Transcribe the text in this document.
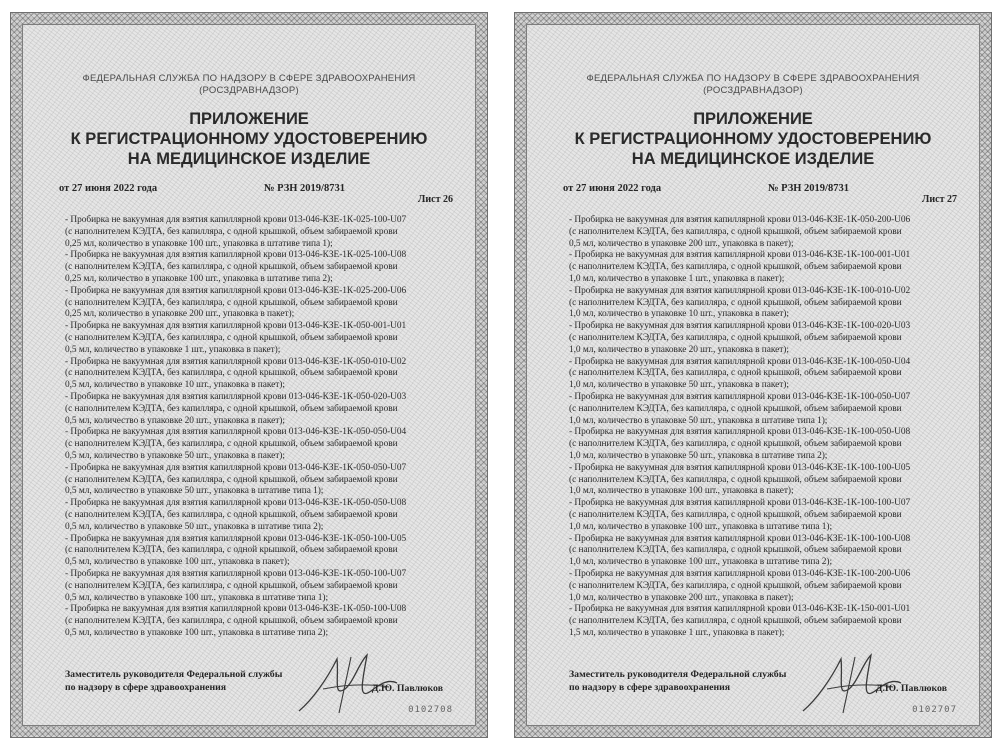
ФЕДЕРАЛЬНАЯ СЛУЖБА ПО НАДЗОРУ В СФЕРЕ ЗДРАВООХРАНЕНИЯ
(РОСЗДРАВНАДЗОР)
ПРИЛОЖЕНИЕ
К РЕГИСТРАЦИОННОМУ УДОСТОВЕРЕНИЮ
НА МЕДИЦИНСКОЕ ИЗДЕЛИЕ
от 27 июня 2022 года	№ РЗН 2019/8731
Лист 26
- Пробирка не вакуумная для взятия капиллярной крови 013-046-КЗЕ-1К-025-100-U07
(с наполнителем КЭДТА, без капилляра, с одной крышкой, объем забираемой крови
0,25 мл, количество в упаковке 100 шт., упаковка в штативе типа 1);
- Пробирка не вакуумная для взятия капиллярной крови 013-046-КЗЕ-1К-025-100-U08
(с наполнителем КЭДТА, без капилляра, с одной крышкой, объем забираемой крови
0,25 мл, количество в упаковке 100 шт., упаковка в штативе типа 2);
- Пробирка не вакуумная для взятия капиллярной крови 013-046-КЗЕ-1К-025-200-U06
(с наполнителем КЭДТА, без капилляра, с одной крышкой, объем забираемой крови
0,25 мл, количество в упаковке 200 шт., упаковка в пакет);
- Пробирка не вакуумная для взятия капиллярной крови 013-046-КЗЕ-1К-050-001-U01
(с наполнителем КЭДТА, без капилляра, с одной крышкой, объем забираемой крови
0,5 мл, количество в упаковке 1 шт., упаковка в пакет);
- Пробирка не вакуумная для взятия капиллярной крови 013-046-КЗЕ-1К-050-010-U02
(с наполнителем КЭДТА, без капилляра, с одной крышкой, объем забираемой крови
0,5 мл, количество в упаковке 10 шт., упаковка в пакет);
- Пробирка не вакуумная для взятия капиллярной крови 013-046-КЗЕ-1К-050-020-U03
(с наполнителем КЭДТА, без капилляра, с одной крышкой, объем забираемой крови
0,5 мл, количество в упаковке 20 шт., упаковка в пакет);
- Пробирка не вакуумная для взятия капиллярной крови 013-046-КЗЕ-1К-050-050-U04
(с наполнителем КЭДТА, без капилляра, с одной крышкой, объем забираемой крови
0,5 мл, количество в упаковке 50 шт., упаковка в пакет);
- Пробирка не вакуумная для взятия капиллярной крови 013-046-КЗЕ-1К-050-050-U07
(с наполнителем КЭДТА, без капилляра, с одной крышкой, объем забираемой крови
0,5 мл, количество в упаковке 50 шт., упаковка в штативе типа 1);
- Пробирка не вакуумная для взятия капиллярной крови 013-046-КЗЕ-1К-050-050-U08
(с наполнителем КЭДТА, без капилляра, с одной крышкой, объем забираемой крови
0,5 мл, количество в упаковке 50 шт., упаковка в штативе типа 2);
- Пробирка не вакуумная для взятия капиллярной крови 013-046-КЗЕ-1К-050-100-U05
(с наполнителем КЭДТА, без капилляра, с одной крышкой, объем забираемой крови
0,5 мл, количество в упаковке 100 шт., упаковка в пакет);
- Пробирка не вакуумная для взятия капиллярной крови 013-046-КЗЕ-1К-050-100-U07
(с наполнителем КЭДТА, без капилляра, с одной крышкой, объем забираемой крови
0,5 мл, количество в упаковке 100 шт., упаковка в штативе типа 1);
- Пробирка не вакуумная для взятия капиллярной крови 013-046-КЗЕ-1К-050-100-U08
(с наполнителем КЭДТА, без капилляра, с одной крышкой, объем забираемой крови
0,5 мл, количество в упаковке 100 шт., упаковка в штативе типа 2);
Заместитель руководителя Федеральной службы
по надзору в сфере здравоохранения	Д.Ю. Павлюков
0102708
ФЕДЕРАЛЬНАЯ СЛУЖБА ПО НАДЗОРУ В СФЕРЕ ЗДРАВООХРАНЕНИЯ
(РОСЗДРАВНАДЗОР)
ПРИЛОЖЕНИЕ
К РЕГИСТРАЦИОННОМУ УДОСТОВЕРЕНИЮ
НА МЕДИЦИНСКОЕ ИЗДЕЛИЕ
от 27 июня 2022 года	№ РЗН 2019/8731
Лист 27
- Пробирка не вакуумная для взятия капиллярной крови 013-046-КЗЕ-1К-050-200-U06
(с наполнителем КЭДТА, без капилляра, с одной крышкой, объем забираемой крови
0,5 мл, количество в упаковке 200 шт., упаковка в пакет);
- Пробирка не вакуумная для взятия капиллярной крови 013-046-КЗЕ-1К-100-001-U01
(с наполнителем КЭДТА, без капилляра, с одной крышкой, объем забираемой крови
1,0 мл, количество в упаковке 1 шт., упаковка в пакет);
- Пробирка не вакуумная для взятия капиллярной крови 013-046-КЗЕ-1К-100-010-U02
(с наполнителем КЭДТА, без капилляра, с одной крышкой, объем забираемой крови
1,0 мл, количество в упаковке 10 шт., упаковка в пакет);
- Пробирка не вакуумная для взятия капиллярной крови 013-046-КЗЕ-1К-100-020-U03
(с наполнителем КЭДТА, без капилляра, с одной крышкой, объем забираемой крови
1,0 мл, количество в упаковке 20 шт., упаковка в пакет);
- Пробирка не вакуумная для взятия капиллярной крови 013-046-КЗЕ-1К-100-050-U04
(с наполнителем КЭДТА, без капилляра, с одной крышкой, объем забираемой крови
1,0 мл, количество в упаковке 50 шт., упаковка в пакет);
- Пробирка не вакуумная для взятия капиллярной крови 013-046-КЗЕ-1К-100-050-U07
(с наполнителем КЭДТА, без капилляра, с одной крышкой, объем забираемой крови
1,0 мл, количество в упаковке 50 шт., упаковка в штативе типа 1);
- Пробирка не вакуумная для взятия капиллярной крови 013-046-КЗЕ-1К-100-050-U08
(с наполнителем КЭДТА, без капилляра, с одной крышкой, объем забираемой крови
1,0 мл, количество в упаковке 50 шт., упаковка в штативе типа 2);
- Пробирка не вакуумная для взятия капиллярной крови 013-046-КЗЕ-1К-100-100-U05
(с наполнителем КЭДТА, без капилляра, с одной крышкой, объем забираемой крови
1,0 мл, количество в упаковке 100 шт., упаковка в пакет);
- Пробирка не вакуумная для взятия капиллярной крови 013-046-КЗЕ-1К-100-100-U07
(с наполнителем КЭДТА, без капилляра, с одной крышкой, объем забираемой крови
1,0 мл, количество в упаковке 100 шт., упаковка в штативе типа 1);
- Пробирка не вакуумная для взятия капиллярной крови 013-046-КЗЕ-1К-100-100-U08
(с наполнителем КЭДТА, без капилляра, с одной крышкой, объем забираемой крови
1,0 мл, количество в упаковке 100 шт., упаковка в штативе типа 2);
- Пробирка не вакуумная для взятия капиллярной крови 013-046-КЗЕ-1К-100-200-U06
(с наполнителем КЭДТА, без капилляра, с одной крышкой, объем забираемой крови
1,0 мл, количество в упаковке 200 шт., упаковка в пакет);
- Пробирка не вакуумная для взятия капиллярной крови 013-046-КЗЕ-1К-150-001-U01
(с наполнителем КЭДТА, без капилляра, с одной крышкой, объем забираемой крови
1,5 мл, количество в упаковке 1 шт., упаковка в пакет);
Заместитель руководителя Федеральной службы
по надзору в сфере здравоохранения	Д.Ю. Павлюков
0102707
